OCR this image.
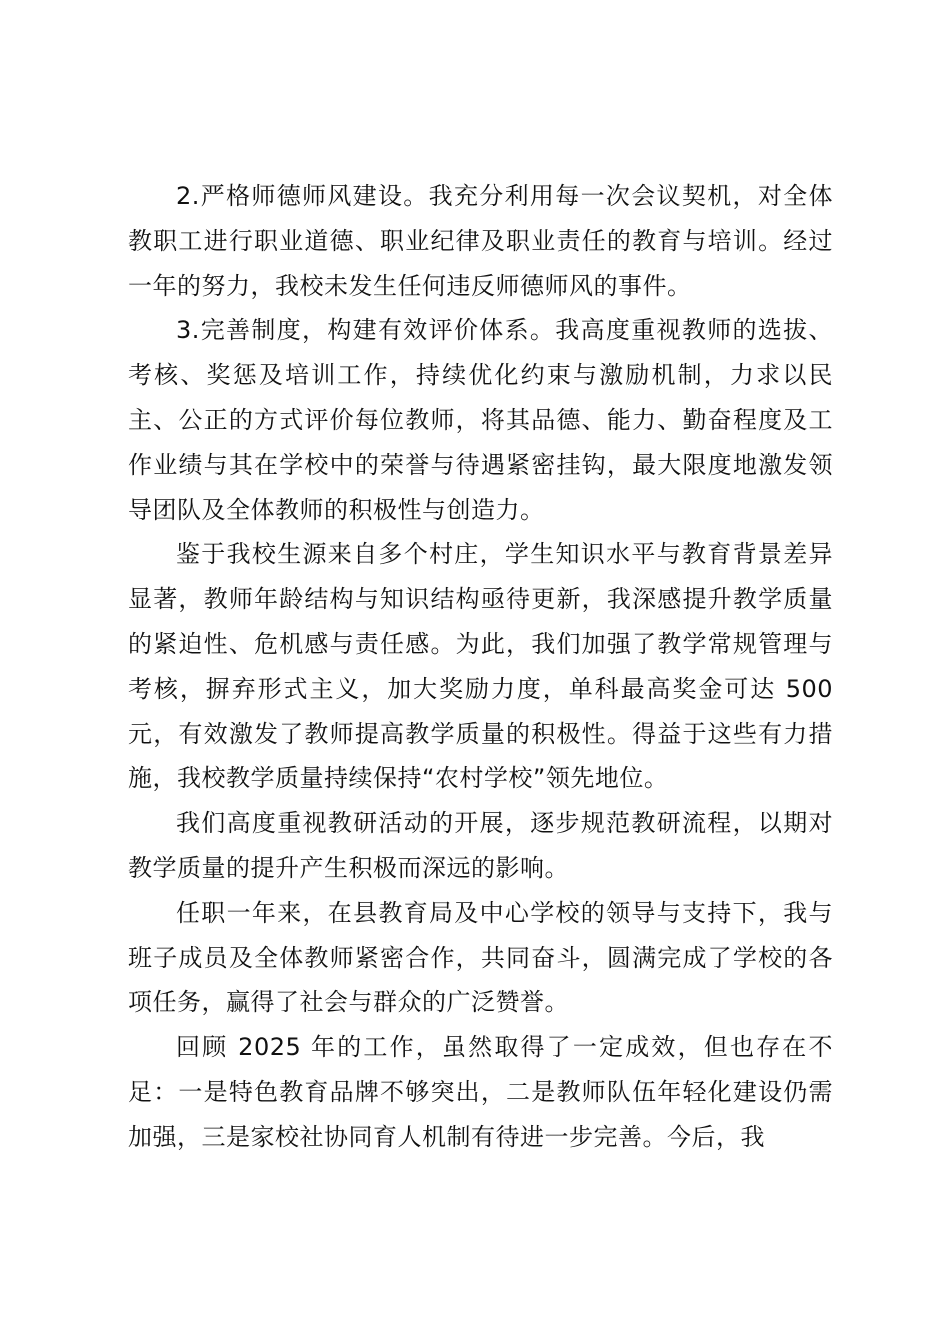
2.严格师德师风建设。我充分利用每一次会议契机，对全体教职工进行职业道德、职业纪律及职业责任的教育与培训。经过一年的努力，我校未发生任何违反师德师风的事件。

3.完善制度，构建有效评价体系。我高度重视教师的选拔、考核、奖惩及培训工作，持续优化约束与激励机制，力求以民主、公正的方式评价每位教师，将其品德、能力、勤奋程度及工作业绩与其在学校中的荣誉与待遇紧密挂钩，最大限度地激发领导团队及全体教师的积极性与创造力。

鉴于我校生源来自多个村庄，学生知识水平与教育背景差异显著，教师年龄结构与知识结构亟待更新，我深感提升教学质量的紧迫性、危机感与责任感。为此，我们加强了教学常规管理与考核，摒弃形式主义，加大奖励力度，单科最高奖金可达 500 元，有效激发了教师提高教学质量的积极性。得益于这些有力措施，我校教学质量持续保持“农村学校”领先地位。

我们高度重视教研活动的开展，逐步规范教研流程，以期对教学质量的提升产生积极而深远的影响。

任职一年来，在县教育局及中心学校的领导与支持下，我与班子成员及全体教师紧密合作，共同奋斗，圆满完成了学校的各项任务，赢得了社会与群众的广泛赞誉。

回顾 2025 年的工作，虽然取得了一定成效，但也存在不足：一是特色教育品牌不够突出，二是教师队伍年轻化建设仍需加强，三是家校社协同育人机制有待进一步完善。今后，我
